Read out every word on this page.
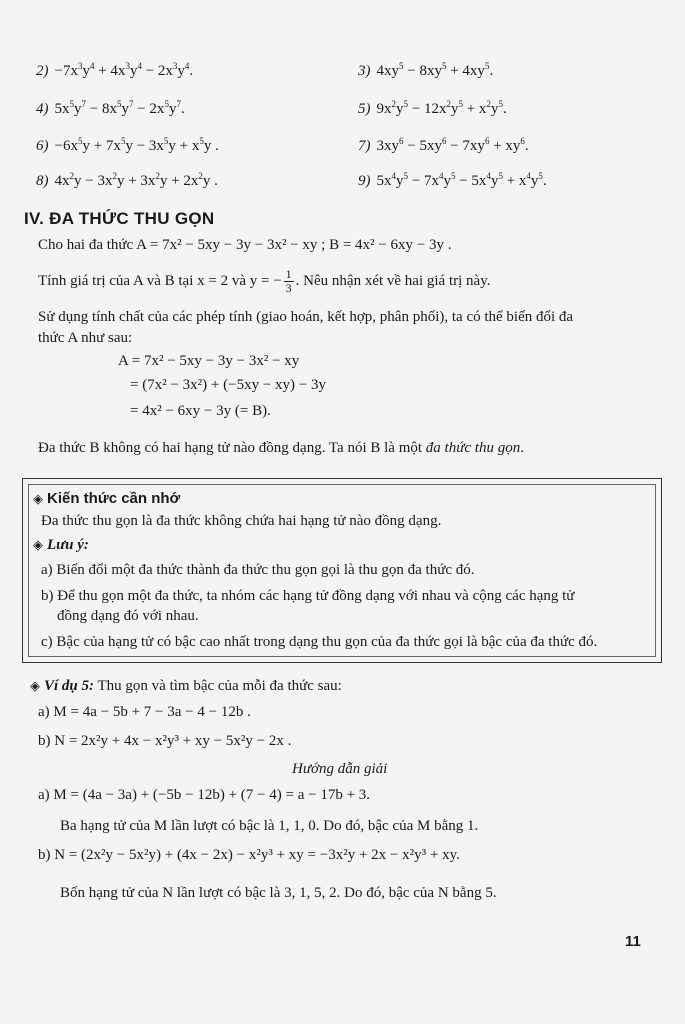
$2) -7x^3y^4 + 4x^3y^4 - 2x^3y^4$.	3) $4xy^5 - 8xy^5 + 4xy^5$.
4) $5x^5y^7 - 8x^5y^7 - 2x^5y^7$.	5) $9x^2y^5 - 12x^2y^5 + x^2y^5$.
$6) -6x^5y + 7x^5y - 3x^5y + x^5y$ .	7) $3xy^6 - 5xy^6 - 7xy^6 + xy^6$.
8) $4x^2y - 3x^2y + 3x^2y + 2x^2y$ .	9) $5x^4y^5 - 7x^4y^5 - 5x^4y^5 + x^4y^5$.
IV. ĐA THỨC THU GỌN
Cho hai đa thức A = 7x² − 5xy − 3y − 3x² − xy ; B = 4x² − 6xy − 3y .
Tính giá trị của A và B tại x = 2 và y = − $\frac{1}{3}$ . Nêu nhận xét về hai giá trị này.
Sử dụng tính chất của các phép tính (giao hoán, kết hợp, phân phối), ta có thể biến đổi đa
thức A như sau:
A = 7x² − 5xy − 3y − 3x² − xy
= (7x² − 3x²) + (−5xy − xy) − 3y
= 4x² − 6xy − 3y (= B).
Đa thức B không có hai hạng tử nào đồng dạng. Ta nói B là một đa thức thu gọn.
◈ Kiến thức cần nhớ
Đa thức thu gọn là đa thức không chứa hai hạng tử nào đồng dạng.
◈ Lưu ý:
a) Biến đổi một đa thức thành đa thức thu gọn gọi là thu gọn đa thức đó.
b) Để thu gọn một đa thức, ta nhóm các hạng tử đồng dạng với nhau và cộng các hạng tử
đồng dạng đó với nhau.
c) Bậc của hạng tử có bậc cao nhất trong dạng thu gọn của đa thức gọi là bậc của đa thức đó.
◈ Ví dụ 5: Thu gọn và tìm bậc của mỗi đa thức sau:
a) M = 4a − 5b + 7 − 3a − 4 − 12b .
b) N = 2x²y + 4x − x²y³ + xy − 5x²y − 2x .
Hướng dẫn giải
a) M = (4a − 3a) + (−5b − 12b) + (7 − 4) = a − 17b + 3.
Ba hạng tử của M lần lượt có bậc là 1, 1, 0. Do đó, bậc của M bằng 1.
b) N = (2x²y − 5x²y) + (4x − 2x) − x²y³ + xy = −3x²y + 2x − x²y³ + xy.
Bốn hạng tử của N lần lượt có bậc là 3, 1, 5, 2. Do đó, bậc của N bằng 5.
11
